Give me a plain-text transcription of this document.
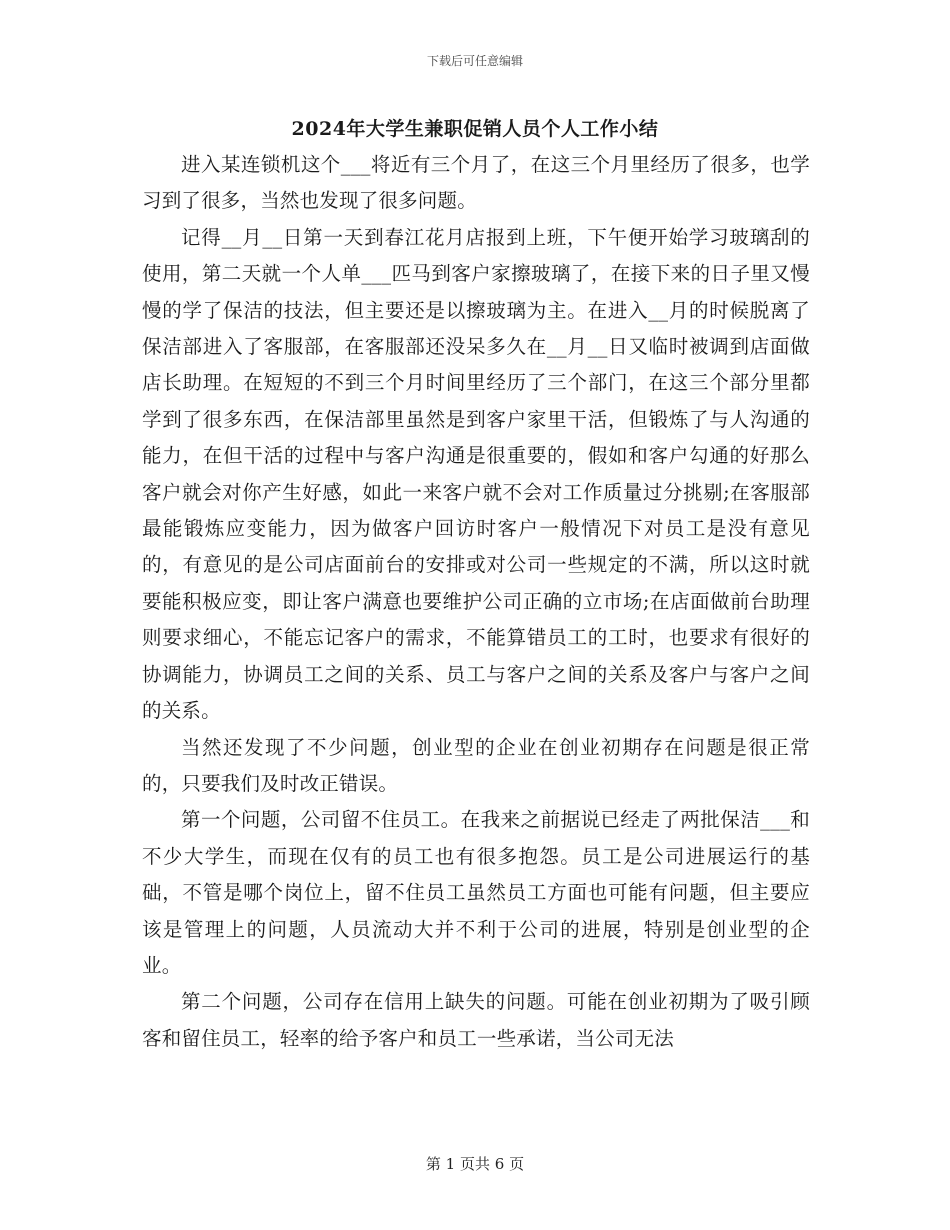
下载后可任意编辑
2024年大学生兼职促销人员个人工作小结

进入某连锁机这个___将近有三个月了，在这三个月里经历了很多，也学习到了很多，当然也发现了很多问题。

记得__月__日第一天到春江花月店报到上班，下午便开始学习玻璃刮的使用，第二天就一个人单___匹马到客户家擦玻璃了，在接下来的日子里又慢慢的学了保洁的技法，但主要还是以擦玻璃为主。在进入__月的时候脱离了保洁部进入了客服部，在客服部还没呆多久在__月__日又临时被调到店面做店长助理。在短短的不到三个月时间里经历了三个部门，在这三个部分里都学到了很多东西，在保洁部里虽然是到客户家里干活，但锻炼了与人沟通的能力，在但干活的过程中与客户沟通是很重要的，假如和客户勾通的好那么客户就会对你产生好感，如此一来客户就不会对工作质量过分挑剔;在客服部最能锻炼应变能力，因为做客户回访时客户一般情况下对员工是没有意见的，有意见的是公司店面前台的安排或对公司一些规定的不满，所以这时就要能积极应变，即让客户满意也要维护公司正确的立市场;在店面做前台助理则要求细心，不能忘记客户的需求，不能算错员工的工时，也要求有很好的协调能力，协调员工之间的关系、员工与客户之间的关系及客户与客户之间的关系。

当然还发现了不少问题，创业型的企业在创业初期存在问题是很正常的，只要我们及时改正错误。

第一个问题，公司留不住员工。在我来之前据说已经走了两批保洁___和不少大学生，而现在仅有的员工也有很多抱怨。员工是公司进展运行的基础，不管是哪个岗位上，留不住员工虽然员工方面也可能有问题，但主要应该是管理上的问题，人员流动大并不利于公司的进展，特别是创业型的企业。

第二个问题，公司存在信用上缺失的问题。可能在创业初期为了吸引顾客和留住员工，轻率的给予客户和员工一些承诺，当公司无法

第 1 页共 6 页
